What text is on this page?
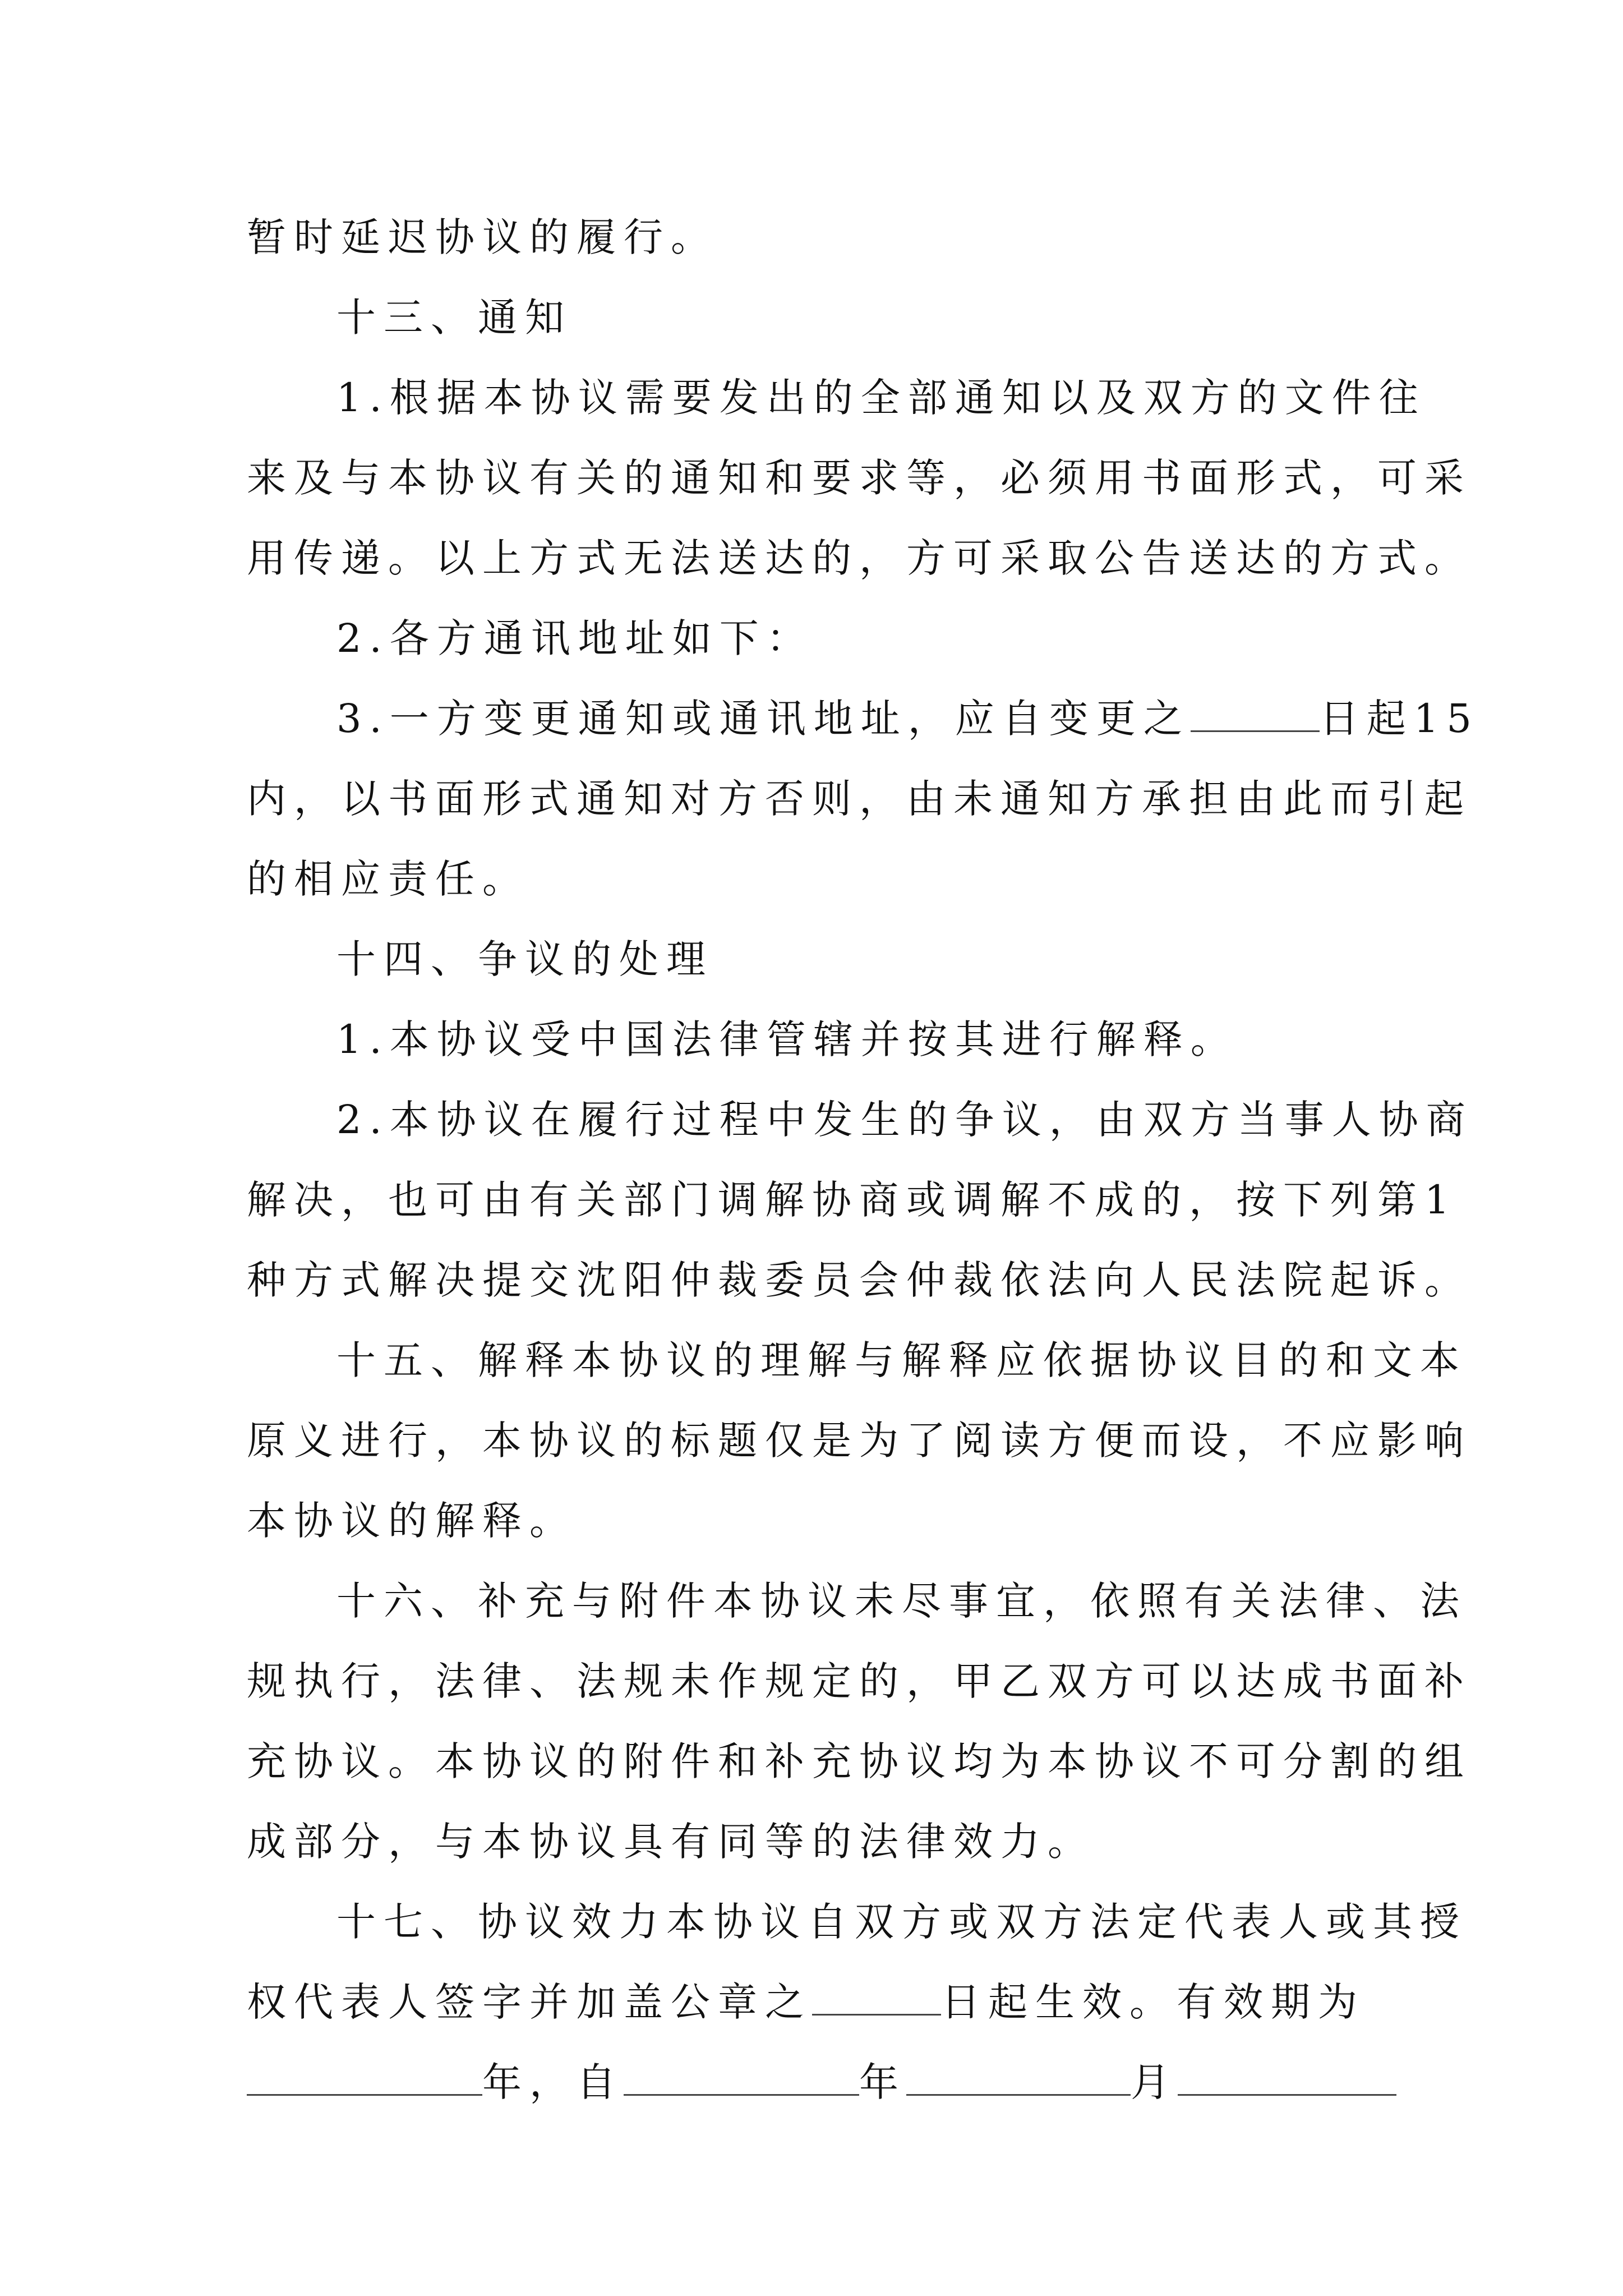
暂时延迟协议的履行。
十三、通知
1.根据本协议需要发出的全部通知以及双方的文件往
来及与本协议有关的通知和要求等，必须用书面形式，可采
用传递。以上方式无法送达的，方可采取公告送达的方式。
2.各方通讯地址如下：
3.一方变更通知或通讯地址，应自变更之	日起15
内，以书面形式通知对方否则，由未通知方承担由此而引起
的相应责任。
十四、争议的处理
1.本协议受中国法律管辖并按其进行解释。
2.本协议在履行过程中发生的争议，由双方当事人协商
解决，也可由有关部门调解协商或调解不成的，按下列第1
种方式解决提交沈阳仲裁委员会仲裁依法向人民法院起诉。
十五、解释本协议的理解与解释应依据协议目的和文本
原义进行，本协议的标题仅是为了阅读方便而设，不应影响
本协议的解释。
十六、补充与附件本协议未尽事宜，依照有关法律、法
规执行，法律、法规未作规定的，甲乙双方可以达成书面补
充协议。本协议的附件和补充协议均为本协议不可分割的组
成部分，与本协议具有同等的法律效力。
十七、协议效力本协议自双方或双方法定代表人或其授
权代表人签字并加盖公章之	日起生效。有效期为
年，自	年	月
